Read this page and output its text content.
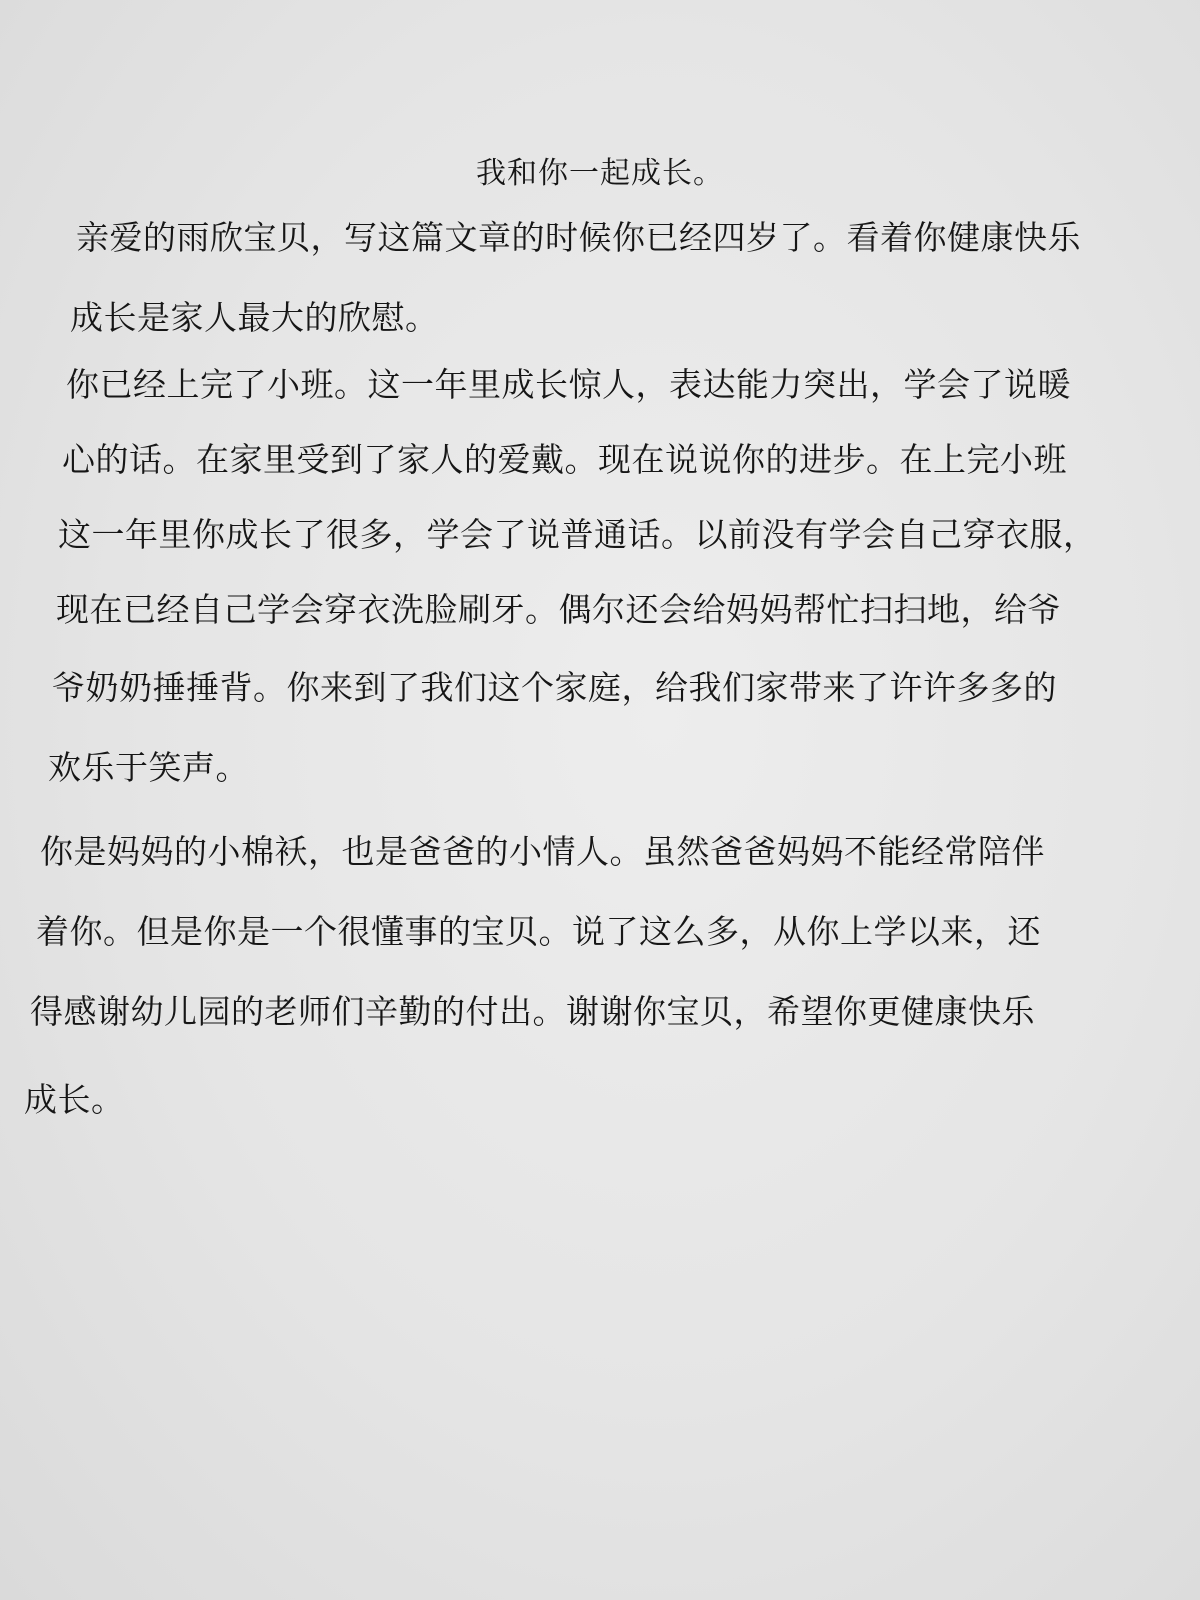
我和你一起成长。
亲爱的雨欣宝贝，写这篇文章的时候你已经四岁了。看着你健康快乐
成长是家人最大的欣慰。
你已经上完了小班。这一年里成长惊人，表达能力突出，学会了说暖
心的话。在家里受到了家人的爱戴。现在说说你的进步。在上完小班
这一年里你成长了很多，学会了说普通话。以前没有学会自己穿衣服，
现在已经自己学会穿衣洗脸刷牙。偶尔还会给妈妈帮忙扫扫地，给爷
爷奶奶捶捶背。你来到了我们这个家庭，给我们家带来了许许多多的
欢乐于笑声。
你是妈妈的小棉袄，也是爸爸的小情人。虽然爸爸妈妈不能经常陪伴
着你。但是你是一个很懂事的宝贝。说了这么多，从你上学以来，还
得感谢幼儿园的老师们辛勤的付出。谢谢你宝贝，希望你更健康快乐
成长。
